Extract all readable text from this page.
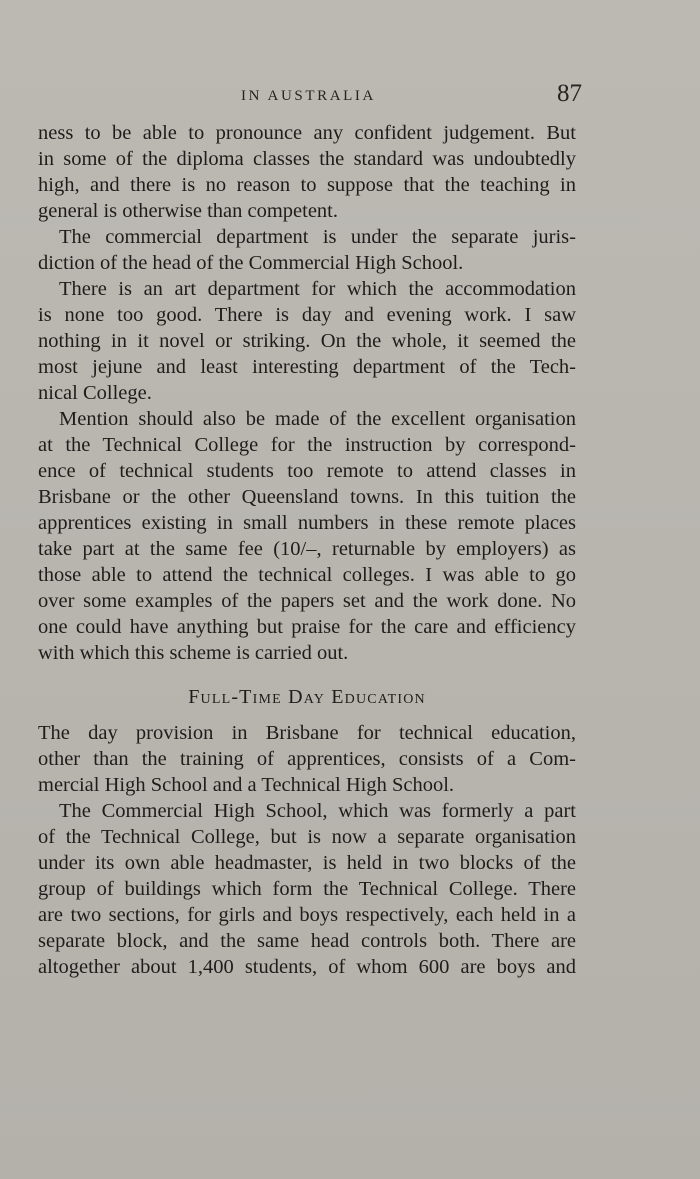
IN AUSTRALIA	87
ness to be able to pronounce any confident judgement. But
in some of the diploma classes the standard was undoubtedly
high, and there is no reason to suppose that the teaching in
general is otherwise than competent.
The commercial department is under the separate juris-
diction of the head of the Commercial High School.
There is an art department for which the accommodation
is none too good. There is day and evening work. I saw
nothing in it novel or striking. On the whole, it seemed the
most jejune and least interesting department of the Tech-
nical College.
Mention should also be made of the excellent organisation
at the Technical College for the instruction by correspond-
ence of technical students too remote to attend classes in
Brisbane or the other Queensland towns. In this tuition the
apprentices existing in small numbers in these remote places
take part at the same fee (10/–, returnable by employers) as
those able to attend the technical colleges. I was able to go
over some examples of the papers set and the work done. No
one could have anything but praise for the care and efficiency
with which this scheme is carried out.
Full-Time Day Education
The day provision in Brisbane for technical education,
other than the training of apprentices, consists of a Com-
mercial High School and a Technical High School.
The Commercial High School, which was formerly a part
of the Technical College, but is now a separate organisation
under its own able headmaster, is held in two blocks of the
group of buildings which form the Technical College. There
are two sections, for girls and boys respectively, each held in a
separate block, and the same head controls both. There are
altogether about 1,400 students, of whom 600 are boys and
